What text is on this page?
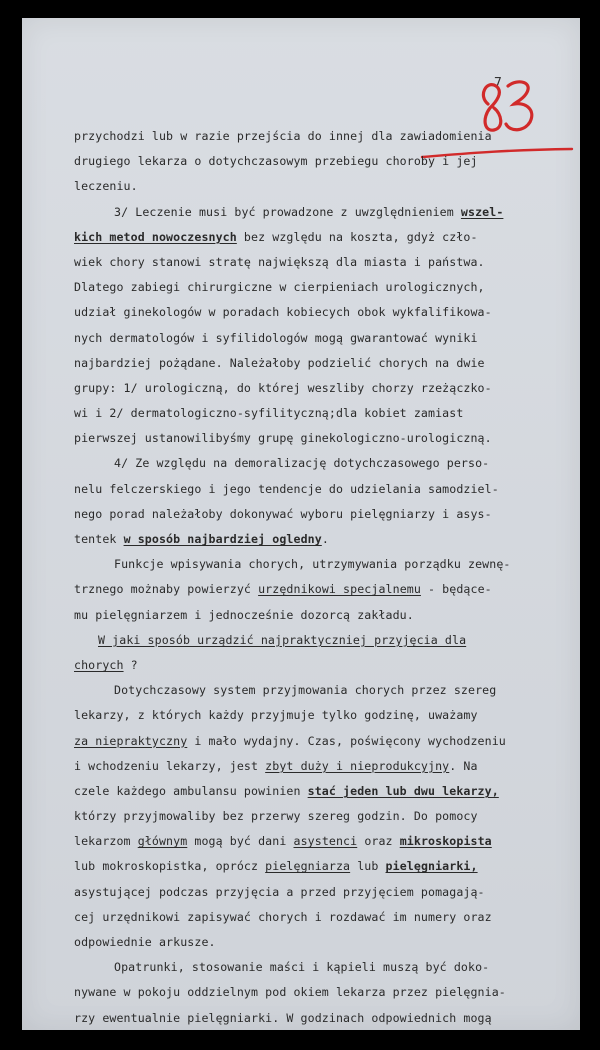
7
przychodzi lub w razie przejścia do innej dla zawiadomienia
drugiego lekarza o dotychczasowym przebiegu choroby i jej
leczeniu.
3/ Leczenie musi być prowadzone z uwzględnieniem wszel-
kich metod nowoczesnych bez względu na koszta, gdyż czło-
wiek chory stanowi stratę największą dla miasta i państwa.
Dlatego zabiegi chirurgiczne w cierpieniach urologicznych,
udział ginekologów w poradach kobiecych obok wykfalifikowa-
nych dermatologów i syfilidologów mogą gwarantować wyniki
najbardziej pożądane. Należałoby podzielić chorych na dwie
grupy: 1/ urologiczną, do której weszliby chorzy rzeżączko-
wi i 2/ dermatologiczno-syfilityczną;dla kobiet zamiast
pierwszej ustanowilibyśmy grupę ginekologiczno-urologiczną.
4/ Ze względu na demoralizację dotychczasowego perso-
nelu felczerskiego i jego tendencje do udzielania samodziel-
nego porad należałoby dokonywać wyboru pielęgniarzy i asys-
tentek w sposób najbardziej ogledny.
Funkcje wpisywania chorych, utrzymywania porządku zewnę-
trznego możnaby powierzyć urzędnikowi specjalnemu - będące-
mu pielęgniarzem i jednocześnie dozorcą zakładu.
W jaki sposób urządzić najpraktyczniej przyjęcia dla
chorych ?
Dotychczasowy system przyjmowania chorych przez szereg
lekarzy, z których każdy przyjmuje tylko godzinę, uważamy
za niepraktyczny i mało wydajny. Czas, poświęcony wychodzeniu
i wchodzeniu lekarzy, jest zbyt duży i nieprodukcyjny. Na
czele każdego ambulansu powinien stać jeden lub dwu lekarzy,
którzy przyjmowaliby bez przerwy szereg godzin. Do pomocy
lekarzom głównym mogą być dani asystenci oraz mikroskopista
lub mokroskopistka, oprócz pielęgniarza lub pielęgniarki,
asystującej podczas przyjęcia a przed przyjęciem pomagają-
cej urzędnikowi zapisywać chorych i rozdawać im numery oraz
odpowiednie arkusze.
Opatrunki, stosowanie maści i kąpieli muszą być doko-
nywane w pokoju oddzielnym pod okiem lekarza przez pielęgnia-
rzy ewentualnie pielęgniarki. W godzinach odpowiednich mogą
